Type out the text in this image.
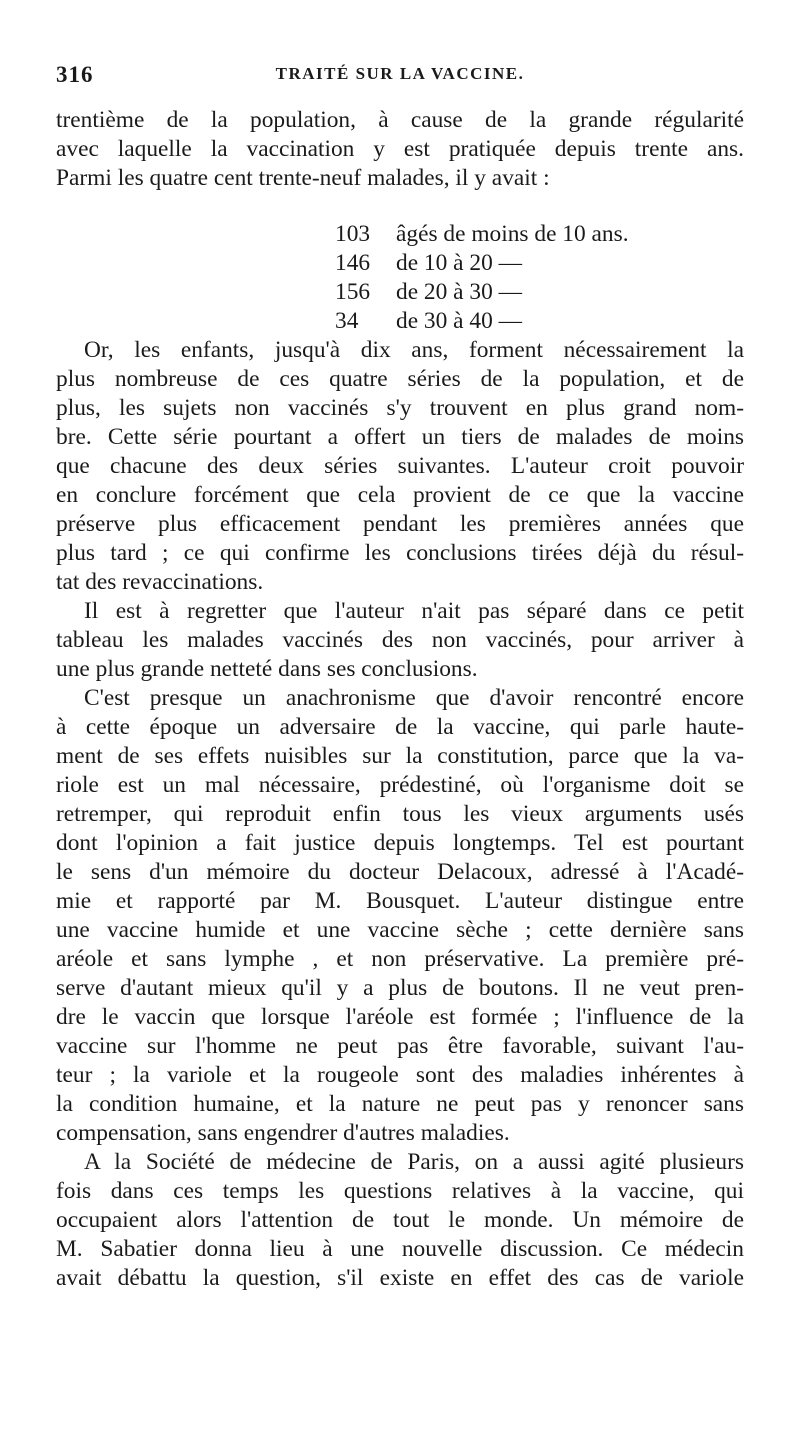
316	TRAITÉ SUR LA VACCINE.
trentième de la population, à cause de la grande régularité
avec laquelle la vaccination y est pratiquée depuis trente ans.
Parmi les quatre cent trente-neuf malades, il y avait :
103	âgés de moins de 10 ans.
146	de 10 à 20 —
156	de 20 à 30 —
34	de 30 à 40 —
Or, les enfants, jusqu'à dix ans, forment nécessairement la
plus nombreuse de ces quatre séries de la population, et de
plus, les sujets non vaccinés s'y trouvent en plus grand nom-
bre. Cette série pourtant a offert un tiers de malades de moins
que chacune des deux séries suivantes. L'auteur croit pouvoir
en conclure forcément que cela provient de ce que la vaccine
préserve plus efficacement pendant les premières années que
plus tard ; ce qui confirme les conclusions tirées déjà du résul-
tat des revaccinations.
Il est à regretter que l'auteur n'ait pas séparé dans ce petit
tableau les malades vaccinés des non vaccinés, pour arriver à
une plus grande netteté dans ses conclusions.
C'est presque un anachronisme que d'avoir rencontré encore
à cette époque un adversaire de la vaccine, qui parle haute-
ment de ses effets nuisibles sur la constitution, parce que la va-
riole est un mal nécessaire, prédestiné, où l'organisme doit se
retremper, qui reproduit enfin tous les vieux arguments usés
dont l'opinion a fait justice depuis longtemps. Tel est pourtant
le sens d'un mémoire du docteur Delacoux, adressé à l'Acadé-
mie et rapporté par M. Bousquet. L'auteur distingue entre
une vaccine humide et une vaccine sèche ; cette dernière sans
aréole et sans lymphe , et non préservative. La première pré-
serve d'autant mieux qu'il y a plus de boutons. Il ne veut pren-
dre le vaccin que lorsque l'aréole est formée ; l'influence de la
vaccine sur l'homme ne peut pas être favorable, suivant l'au-
teur ; la variole et la rougeole sont des maladies inhérentes à
la condition humaine, et la nature ne peut pas y renoncer sans
compensation, sans engendrer d'autres maladies.
A la Société de médecine de Paris, on a aussi agité plusieurs
fois dans ces temps les questions relatives à la vaccine, qui
occupaient alors l'attention de tout le monde. Un mémoire de
M. Sabatier donna lieu à une nouvelle discussion. Ce médecin
avait débattu la question, s'il existe en effet des cas de variole
